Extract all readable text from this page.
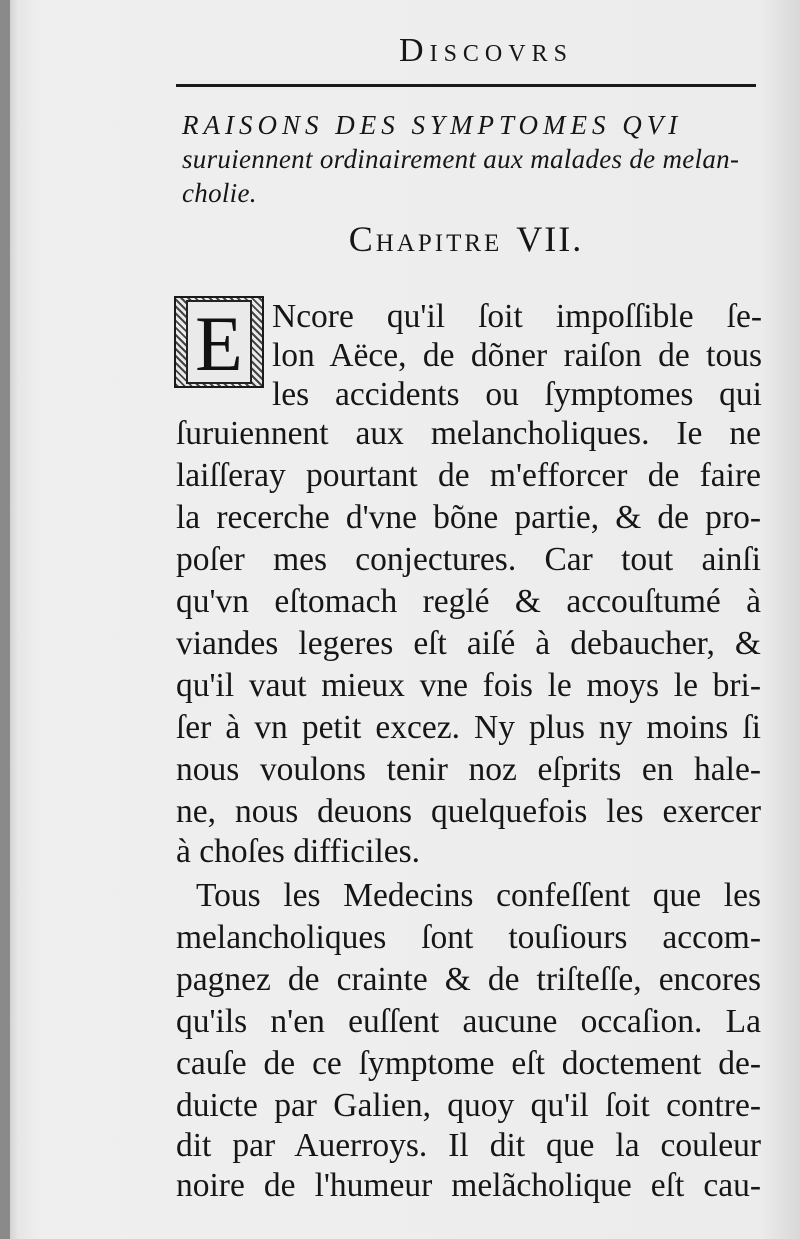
Discovrs
RAISONS DES SYMPTOMES QVI
suruiennent ordinairement aux malades de melan-
cholie.
Chapitre VII.
E Ncore qu'il ſoit impoſſible ſe-
lon Aëce, de dõner raiſon de tous
les accidents ou ſymptomes qui
ſuruiennent aux melancholiques. Ie ne
laiſſeray pourtant de m'efforcer de faire
la recerche d'vne bõne partie, & de pro-
poſer mes conjectures. Car tout ainſi
qu'vn eſtomach reglé & accouſtumé à
viandes legeres eſt aiſé à debaucher, &
qu'il vaut mieux vne fois le moys le bri-
ſer à vn petit excez. Ny plus ny moins ſi
nous voulons tenir noz eſprits en hale-
ne, nous deuons quelquefois les exercer
à choſes difficiles.
Tous les Medecins confeſſent que les
melancholiques ſont touſiours accom-
pagnez de crainte & de triſteſſe, encores
qu'ils n'en euſſent aucune occaſion. La
cauſe de ce ſymptome eſt doctement de-
duicte par Galien, quoy qu'il ſoit contre-
dit par Auerroys. Il dit que la couleur
noire de l'humeur melãcholique eſt cau-
